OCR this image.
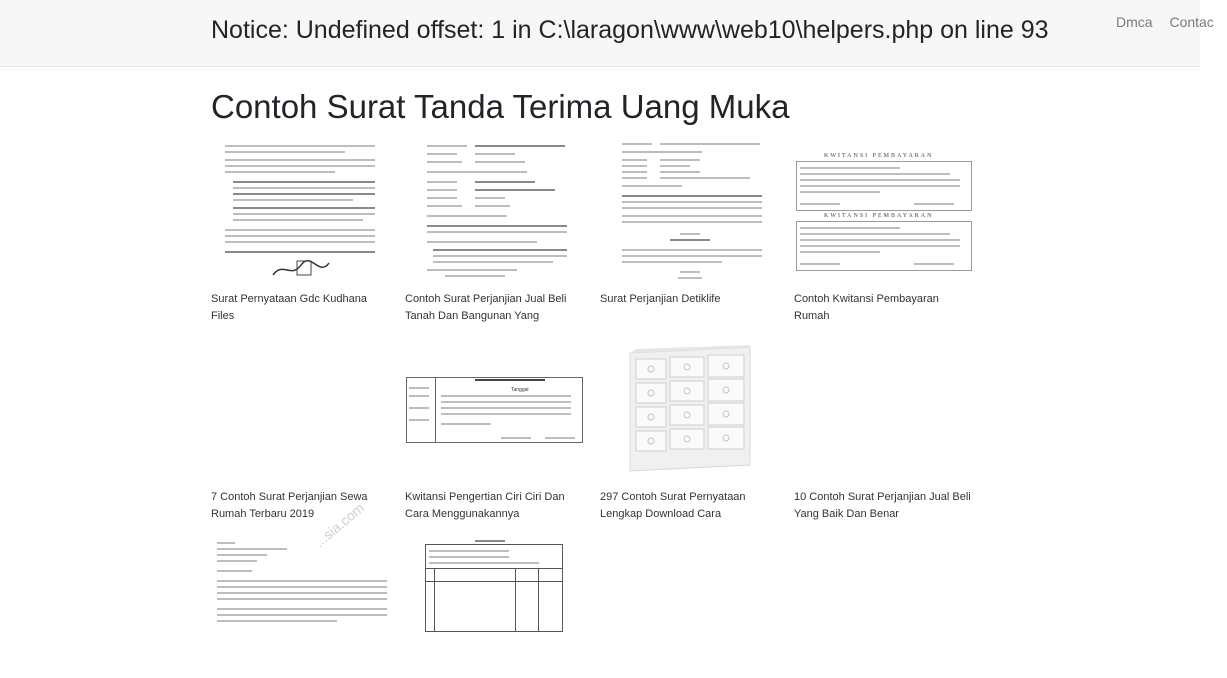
Notice: Undefined offset: 1 in C:\laragon\www\web10\helpers.php on line 93	Dmca Contac
Contoh Surat Tanda Terima Uang Muka
Surat Pernyataan Gdc Kudhana Files
Contoh Surat Perjanjian Jual Beli Tanah Dan Bangunan Yang
Surat Perjanjian Detiklife
KWITANSI PEMBAYARAN
KWITANSI PEMBAYARAN
Contoh Kwitansi Pembayaran Rumah
7 Contoh Surat Perjanjian Sewa Rumah Terbaru 2019
Tanggal
Kwitansi Pengertian Ciri Ciri Dan Cara Menggunakannya
297 Contoh Surat Pernyataan Lengkap Download Cara
10 Contoh Surat Perjanjian Jual Beli Yang Baik Dan Benar
...sia.com
